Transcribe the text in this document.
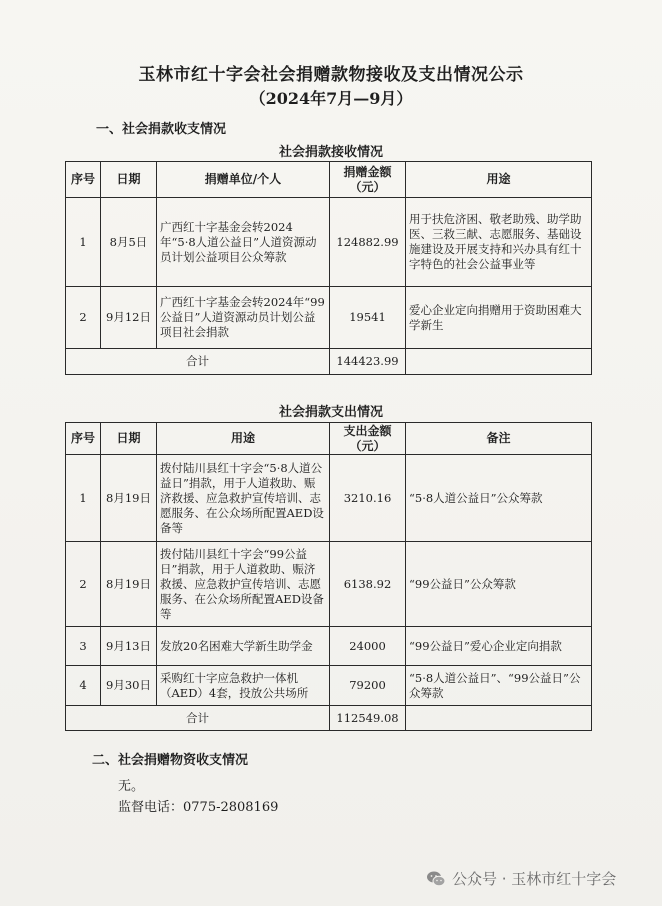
玉林市红十字会社会捐赠款物接收及支出情况公示
（2024年7月—9月）
一、社会捐款收支情况
社会捐款接收情况
序号	日期	捐赠单位/个人	捐赠金额（元）	用途
1	8月5日	广西红十字基金会转2024年“5·8人道公益日”人道资源动员计划公益项目公众筹款	124882.99	用于扶危济困、敬老助残、助学助医、三救三献、志愿服务、基础设施建设及开展支持和兴办具有红十字特色的社会公益事业等
2	9月12日	广西红十字基金会转2024年“99公益日”人道资源动员计划公益项目社会捐款	19541	爱心企业定向捐赠用于资助困难大学新生
合计			144423.99	
社会捐款支出情况
序号	日期	用途	支出金额（元）	备注
1	8月19日	拨付陆川县红十字会“5·8人道公益日”捐款，用于人道救助、赈济救援、应急救护宣传培训、志愿服务、在公众场所配置AED设备等	3210.16	“5·8人道公益日”公众筹款
2	8月19日	拨付陆川县红十字会“99公益日”捐款，用于人道救助、赈济救援、应急救护宣传培训、志愿服务、在公众场所配置AED设备等	6138.92	“99公益日”公众筹款
3	9月13日	发放20名困难大学新生助学金	24000	“99公益日”爱心企业定向捐款
4	9月30日	采购红十字应急救护一体机（AED）4套，投放公共场所	79200	“5·8人道公益日”、“99公益日”公众筹款

合计			112549.08	
二、社会捐赠物资收支情况
无。
监督电话：0775-2808169
公众号 · 玉林市红十字会
